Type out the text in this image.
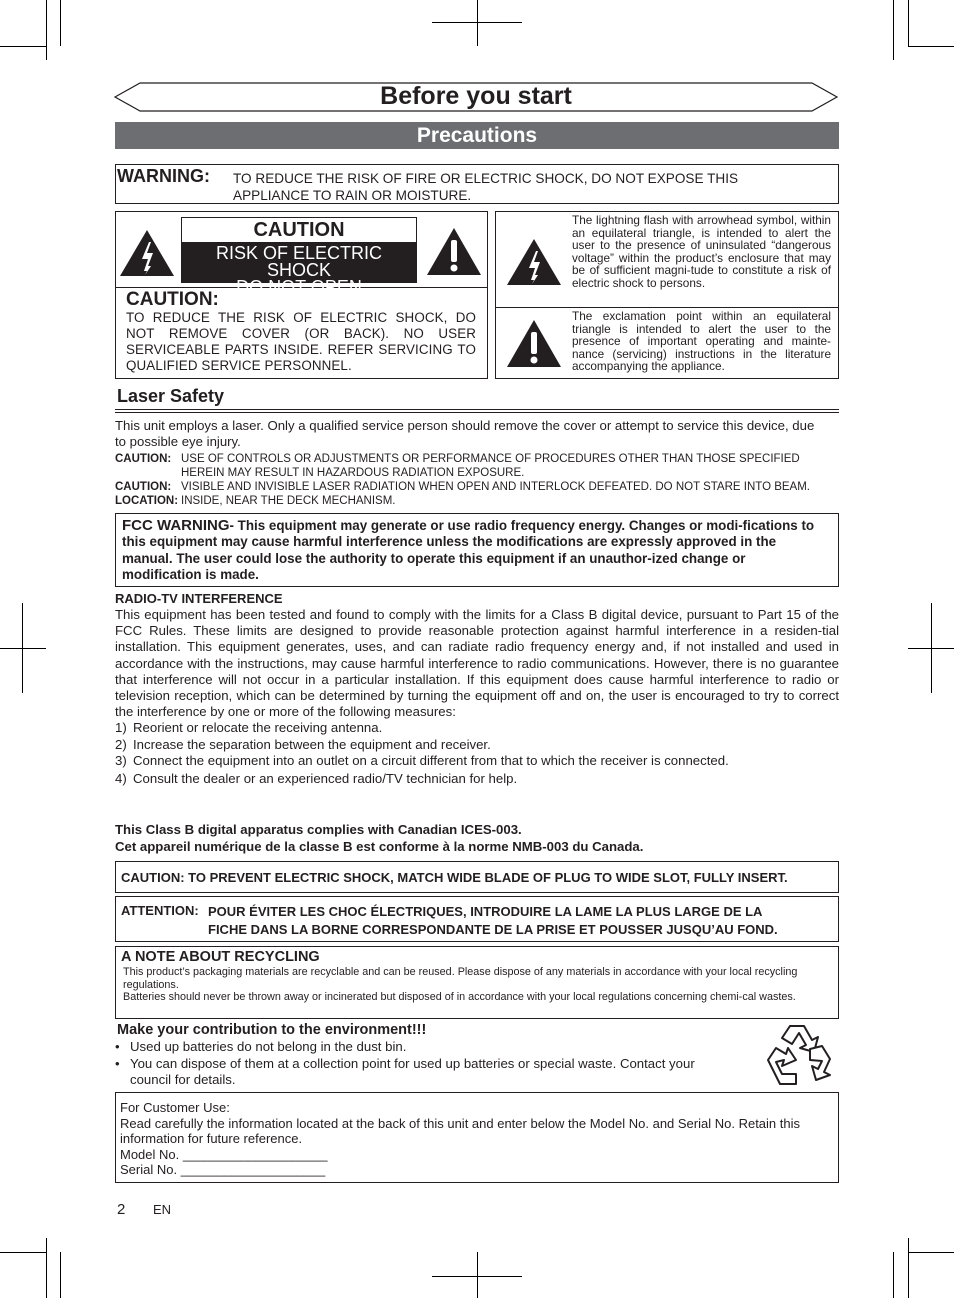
Before you start
Precautions
WARNING: TO REDUCE THE RISK OF FIRE OR ELECTRIC SHOCK, DO NOT EXPOSE THIS
APPLIANCE TO RAIN OR MOISTURE.
CAUTION
RISK OF ELECTRIC SHOCK
DO NOT OPEN
CAUTION:
TO REDUCE THE RISK OF ELECTRIC SHOCK, DO NOT REMOVE COVER (OR BACK). NO USER SERVICEABLE PARTS INSIDE. REFER SERVICING TO QUALIFIED SERVICE PERSONNEL.
The lightning flash with arrowhead symbol, within an equilateral triangle, is intended to alert the user to the presence of uninsulated “dangerous voltage” within the product’s enclosure that may be of sufficient magni-tude to constitute a risk of electric shock to persons.
The exclamation point within an equilateral triangle is intended to alert the user to the presence of important operating and mainte-nance (servicing) instructions in the literature accompanying the appliance.
Laser Safety
This unit employs a laser. Only a qualified service person should remove the cover or attempt to service this device, due to possible eye injury.
CAUTION: USE OF CONTROLS OR ADJUSTMENTS OR PERFORMANCE OF PROCEDURES OTHER THAN THOSE SPECIFIED
HEREIN MAY RESULT IN HAZARDOUS RADIATION EXPOSURE.
CAUTION: VISIBLE AND INVISIBLE LASER RADIATION WHEN OPEN AND INTERLOCK DEFEATED. DO NOT STARE INTO BEAM.
LOCATION: INSIDE, NEAR THE DECK MECHANISM.
FCC WARNING- This equipment may generate or use radio frequency energy. Changes or modi-fications to this equipment may cause harmful interference unless the modifications are expressly approved in the manual. The user could lose the authority to operate this equipment if an unauthor-ized change or modification is made.
RADIO-TV INTERFERENCE
This equipment has been tested and found to comply with the limits for a Class B digital device, pursuant to Part 15 of the FCC Rules. These limits are designed to provide reasonable protection against harmful interference in a residen-tial installation. This equipment generates, uses, and can radiate radio frequency energy and, if not installed and used in accordance with the instructions, may cause harmful interference to radio communications. However, there is no guarantee that interference will not occur in a particular installation. If this equipment does cause harmful interference to radio or television reception, which can be determined by turning the equipment off and on, the user is encouraged to try to correct the interference by one or more of the following measures:
1) Reorient or relocate the receiving antenna.
2) Increase the separation between the equipment and receiver.
3) Connect the equipment into an outlet on a circuit different from that to which the receiver is connected.
4) Consult the dealer or an experienced radio/TV technician for help.
This Class B digital apparatus complies with Canadian ICES-003.
Cet appareil numérique de la classe B est conforme à la norme NMB-003 du Canada.
CAUTION: TO PREVENT ELECTRIC SHOCK, MATCH WIDE BLADE OF PLUG TO WIDE SLOT, FULLY INSERT.
ATTENTION: POUR ÉVITER LES CHOC ÉLECTRIQUES, INTRODUIRE LA LAME LA PLUS LARGE DE LA
FICHE DANS LA BORNE CORRESPONDANTE DE LA PRISE ET POUSSER JUSQU’AU FOND.
A NOTE ABOUT RECYCLING
This product’s packaging materials are recyclable and can be reused. Please dispose of any materials in accordance with your local recycling regulations.
Batteries should never be thrown away or incinerated but disposed of in accordance with your local regulations concerning chemi-cal wastes.
Make your contribution to the environment!!!
• Used up batteries do not belong in the dust bin.
• You can dispose of them at a collection point for used up batteries or special waste. Contact your council for details.
For Customer Use:
Read carefully the information located at the back of this unit and enter below the Model No. and Serial No. Retain this information for future reference.
Model No. ____________________
Serial No. ____________________
2 EN
